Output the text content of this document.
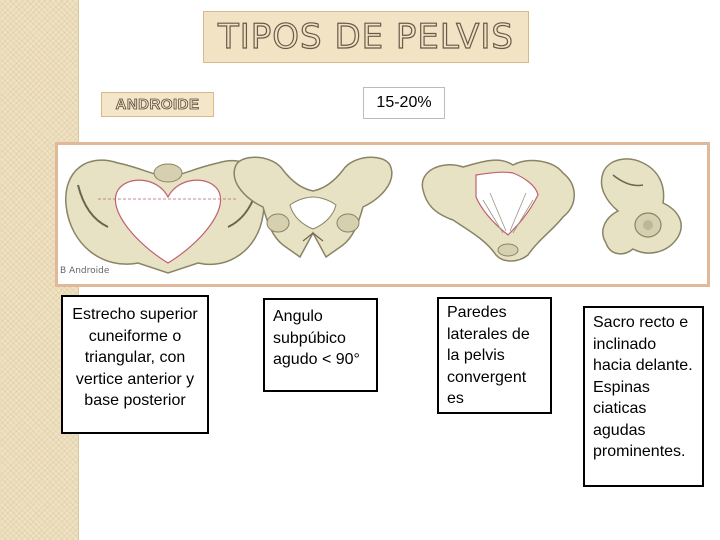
TIPOS DE PELVIS
ANDROIDE	15-20%
B Androide
Estrecho superior cuneiforme o triangular, con vertice anterior y base posterior
Angulo subpúbico agudo < 90°
Paredes laterales de la pelvis convergent es
Sacro recto e inclinado hacia delante. Espinas ciaticas agudas prominentes.
